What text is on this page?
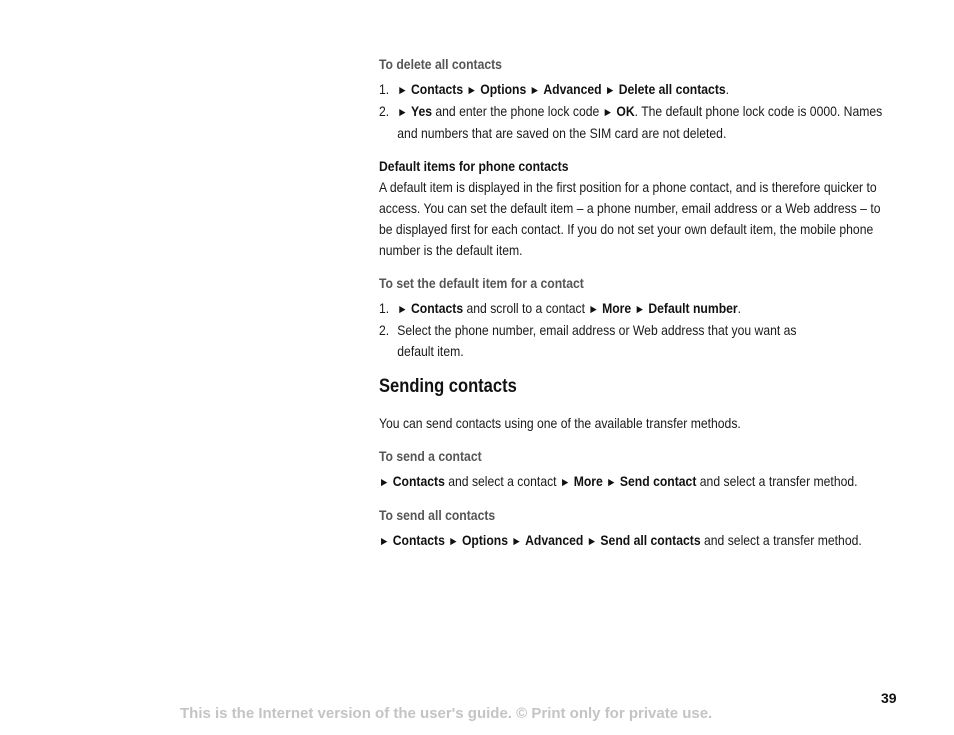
To delete all contacts
1. ► Contacts ► Options ► Advanced ► Delete all contacts.
2. ► Yes and enter the phone lock code ► OK. The default phone lock code is 0000. Names and numbers that are saved on the SIM card are not deleted.
Default items for phone contacts

A default item is displayed in the first position for a phone contact, and is therefore quicker to access. You can set the default item – a phone number, email address or a Web address – to be displayed first for each contact. If you do not set your own default item, the mobile phone number is the default item.

To set the default item for a contact
1. ► Contacts and scroll to a contact ► More ► Default number.
2. Select the phone number, email address or Web address that you want as default item.
Sending contacts

You can send contacts using one of the available transfer methods.

To send a contact

► Contacts and select a contact ► More ► Send contact and select a transfer method.

To send all contacts

► Contacts ► Options ► Advanced ► Send all contacts and select a transfer method.

39
This is the Internet version of the user's guide. © Print only for private use.
